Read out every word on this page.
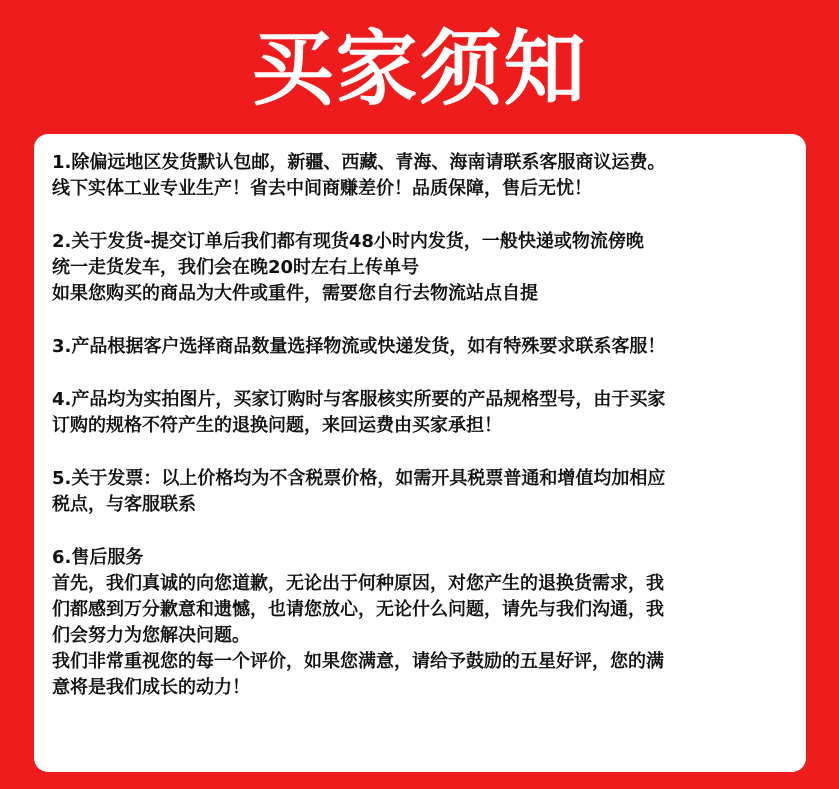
买家须知
1.除偏远地区发货默认包邮，新疆、西藏、青海、海南请联系客服商议运费。
线下实体工业专业生产！省去中间商赚差价！品质保障，售后无忧！
2.关于发货-提交订单后我们都有现货48小时内发货，一般快递或物流傍晚
统一走货发车，我们会在晚20时左右上传单号
如果您购买的商品为大件或重件，需要您自行去物流站点自提
3.产品根据客户选择商品数量选择物流或快递发货，如有特殊要求联系客服！
4.产品均为实拍图片，买家订购时与客服核实所要的产品规格型号，由于买家
订购的规格不符产生的退换问题，来回运费由买家承担！
5.关于发票：以上价格均为不含税票价格，如需开具税票普通和增值均加相应
税点，与客服联系
6.售后服务
首先，我们真诚的向您道歉，无论出于何种原因，对您产生的退换货需求，我
们都感到万分歉意和遗憾，也请您放心，无论什么问题，请先与我们沟通，我
们会努力为您解决问题。
我们非常重视您的每一个评价，如果您满意，请给予鼓励的五星好评，您的满
意将是我们成长的动力！
